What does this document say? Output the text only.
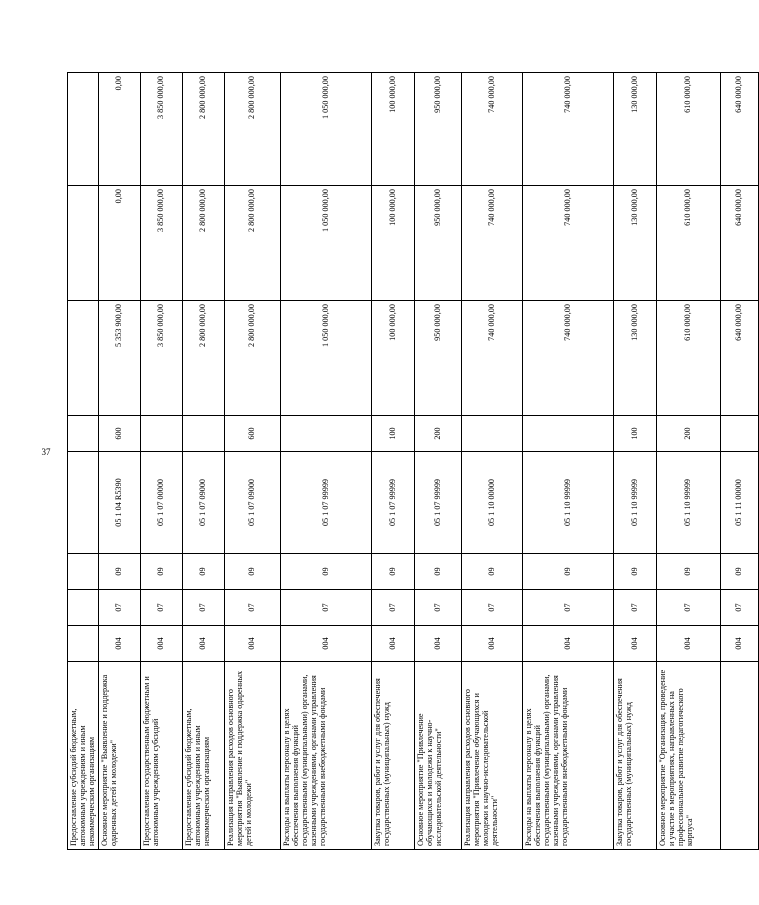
37
Предоставление субсидий бюджетным, автономным учреждениям и иным некоммерческим организациям								
Основное мероприятие "Выявление и поддержка одаренных детей и молодежи"	004	07	09	05 1 04 R5390	600	5 353 900,00	0,00	0,00
Предоставление государственным бюджетным и автономным учреждениям субсидий	004	07	09	05 1 07 00000		3 850 000,00	3 850 000,00	3 850 000,00
Предоставление субсидий бюджетным, автономным учреждениям и иным некоммерческим организациям	004	07	09	05 1 07 09000		2 800 000,00	2 800 000,00	2 800 000,00
Реализация направления расходов основного мероприятия "Выявление и поддержка одаренных детей и молодежи"	004	07	09	05 1 07 09000	600	2 800 000,00	2 800 000,00	2 800 000,00
Расходы на выплаты персоналу в целях обеспечения выполнения функций государственными (муниципальными) органами, казенными учреждениями, органами управления государственными внебюджетными фондами	004	07	09	05 1 07 99999		1 050 000,00	1 050 000,00	1 050 000,00
Закупка товаров, работ и услуг для обеспечения государственных (муниципальных) нужд	004	07	09	05 1 07 99999	100	100 000,00	100 000,00	100 000,00
Основное мероприятие "Привлечение обучающихся и молодежи к научно-исследовательской деятельности"	004	07	09	05 1 07 99999	200	950 000,00	950 000,00	950 000,00
Реализация направления расходов основного мероприятия "Привлечение обучающихся и молодежи к научно-исследовательской деятельности"	004	07	09	05 1 10 00000		740 000,00	740 000,00	740 000,00
Расходы на выплаты персоналу в целях обеспечения выполнения функций государственными (муниципальными) органами, казенными учреждениями, органами управления государственными внебюджетными фондами	004	07	09	05 1 10 99999		740 000,00	740 000,00	740 000,00
Закупка товаров, работ и услуг для обеспечения государственных (муниципальных) нужд	004	07	09	05 1 10 99999	100	130 000,00	130 000,00	130 000,00
Основное мероприятие "Организация, проведение и участие в мероприятиях, направленных на профессиональное развитие педагогического корпуса"	004	07	09	05 1 10 99999	200	610 000,00	610 000,00	610 000,00
	004	07	09	05 1 11 00000		640 000,00	640 000,00	640 000,00
